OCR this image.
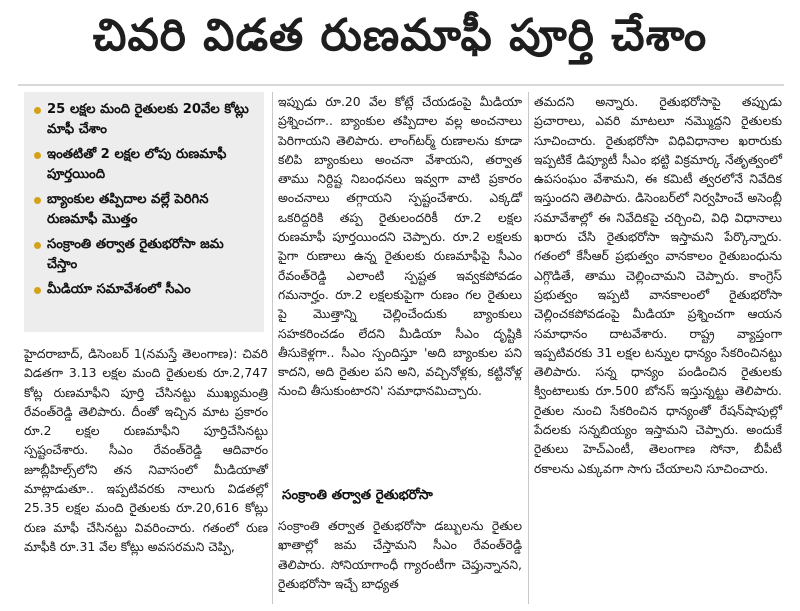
చివరి విడత రుణమాఫీ పూర్తి చేశాం
25 లక్షల మంది రైతులకు 20వేల కోట్లు మాఫీ చేశాం
ఇంతటితో 2 లక్షల లోపు రుణమాఫీ పూర్తయింది
బ్యాంకుల తప్పిదాల వల్లే పెరిగిన రుణమాఫీ మొత్తం
సంక్రాంతి తర్వాత రైతుభరోసా జమ చేస్తాం
మీడియా సమావేశంలో సీఎం

హైదరాబాద్, డిసెంబర్ 1(నమస్తే తెలంగాణ): చివరి విడతగా 3.13 లక్షల మంది రైతులకు రూ.2,747 కోట్ల రుణమాఫీని పూర్తి చేసినట్టు ముఖ్యమంత్రి రేవంత్‌రెడ్డి తెలిపారు. దీంతో ఇచ్చిన మాట ప్రకారం రూ.2 లక్షల రుణమాఫీని పూర్తిచేసినట్టు స్పష్టంచేశారు. సీఎం రేవంత్‌రెడ్డి ఆదివారం జూబ్లీహిల్స్‌లోని తన నివాసంలో మీడియాతో మాట్లాడుతూ.. ఇప్పటివరకు నాలుగు విడతల్లో 25.35 లక్షల మంది రైతులకు రూ.20,616 కోట్లు రుణ మాఫీ చేసినట్టు వివరించారు. గతంలో రుణ మాఫీకి రూ.31 వేల కోట్లు అవసరమని చెప్పి,

ఇప్పుడు రూ.20 వేల కోట్లే చేయడంపై మీడియా ప్రశ్నించగా.. బ్యాంకుల తప్పిదాల వల్ల అంచనాలు పెరిగాయని తెలిపారు. లాంగ్‌టర్మ్ రుణాలను కూడా కలిపి బ్యాంకులు అంచనా వేశాయని, తర్వాత తాము నిర్దిష్ట నిబంధనలు ఇవ్వగా వాటి ప్రకారం అంచనాలు తగ్గాయని స్పష్టంచేశారు. ఎక్కడో ఒకరిద్దరికి తప్ప రైతులందరికీ రూ.2 లక్షల రుణమాఫీ పూర్తయిందని చెప్పారు. రూ.2 లక్షలకు పైగా రుణాలు ఉన్న రైతులకు రుణమాఫీపై సీఎం రేవంత్‌రెడ్డి ఎలాంటి స్పష్టత ఇవ్వకపోవడం గమనార్హం. రూ.2 లక్షలకుపైగా రుణం గల రైతులు పై మొత్తాన్ని చెల్లించేందుకు బ్యాంకులు సహకరించడం లేదని మీడియా సీఎం దృష్టికి తీసుకెళ్లగా.. సీఎం స్పందిస్తూ 'అది బ్యాంకుల పని కాదని, అది రైతుల పని అని, వచ్చినోళ్లకు, కట్టినోళ్ల నుంచి తీసుకుంటారని' సమాధానమిచ్చారు.

సంక్రాంతి తర్వాత రైతుభరోసా

సంక్రాంతి తర్వాత రైతుభరోసా డబ్బులను రైతుల ఖాతాల్లో జమ చేస్తామని సీఎం రేవంత్‌రెడ్డి తెలిపారు. సోనియాగాంధీ గ్యారంటీగా చెప్తున్నానని, రైతుభరోసా ఇచ్చే బాధ్యత

తమదని అన్నారు. రైతుభరోసాపై తప్పుడు ప్రచారాలు, ఎవరి మాటలూ నమ్మొద్దని రైతులకు సూచించారు. రైతుభరోసా విధివిధానాల ఖరారుకు ఇప్పటికే డిప్యూటీ సీఎం భట్టి విక్రమార్క నేతృత్వంలో ఉపసంఘం వేశామని, ఈ కమిటీ త్వరలోనే నివేదిక ఇస్తుందని తెలిపారు. డిసెంబర్‌లో నిర్వహించే అసెంబ్లీ సమావేశాల్లో ఈ నివేదికపై చర్చించి, విధి విధానాలు ఖరారు చేసి రైతుభరోసా ఇస్తామని పేర్కొన్నారు. గతంలో కేసీఆర్ ప్రభుత్వం వానకాలం రైతుబంధును ఎగ్గొడితే, తాము చెల్లించామని చెప్పారు. కాంగ్రెస్ ప్రభుత్వం ఇప్పటి వానకాలంలో రైతుభరోసా చెల్లించకపోవడంపై మీడియా ప్రశ్నించగా ఆయన సమాధానం దాటవేశారు. రాష్ట్ర వ్యాప్తంగా ఇప్పటివరకు 31 లక్షల టన్నుల ధాన్యం సేకరించినట్టు తెలిపారు. సన్న ధాన్యం పండించిన రైతులకు క్వింటాలుకు రూ.500 బోనస్ ఇస్తున్నట్టు తెలిపారు. రైతుల నుంచి సేకరించిన ధాన్యంతో రేషన్‌షాపుల్లో పేదలకు సన్నబియ్యం ఇస్తామని చెప్పారు. అందుకే రైతులు హెచ్ఎంటీ, తెలంగాణ సోనా, బీపీటీ రకాలను ఎక్కువగా సాగు చేయాలని సూచించారు.
